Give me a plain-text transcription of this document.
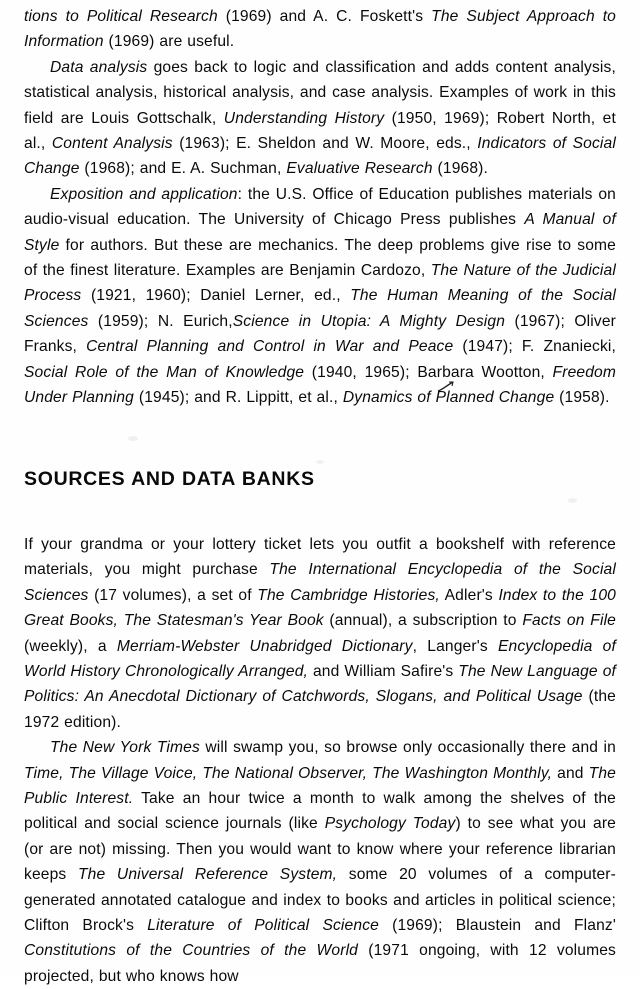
tions to Political Research (1969) and A. C. Foskett's The Subject Approach to Information (1969) are useful.

Data analysis goes back to logic and classification and adds content analysis, statistical analysis, historical analysis, and case analysis. Examples of work in this field are Louis Gottschalk, Understanding History (1950, 1969); Robert North, et al., Content Analysis (1963); E. Sheldon and W. Moore, eds., Indicators of Social Change (1968); and E. A. Suchman, Evaluative Research (1968).

Exposition and application: the U.S. Office of Education publishes materials on audio-visual education. The University of Chicago Press publishes A Manual of Style for authors. But these are mechanics. The deep problems give rise to some of the finest literature. Examples are Benjamin Cardozo, The Nature of the Judicial Process (1921, 1960); Daniel Lerner, ed., The Human Meaning of the Social Sciences (1959); N. Eurich,Science in Utopia: A Mighty Design (1967); Oliver Franks, Central Planning and Control in War and Peace (1947); F. Znaniecki, Social Role of the Man of Knowledge (1940, 1965); Barbara Wootton, Freedom Under Planning (1945); and R. Lippitt, et al., Dynamics of Planned Change (1958).

SOURCES AND DATA BANKS

If your grandma or your lottery ticket lets you outfit a bookshelf with reference materials, you might purchase The International Encyclopedia of the Social Sciences (17 volumes), a set of The Cambridge Histories, Adler's Index to the 100 Great Books, The Statesman's Year Book (annual), a subscription to Facts on File (weekly), a Merriam-Webster Unabridged Dictionary, Langer's Encyclopedia of World History Chronologically Arranged, and William Safire's The New Language of Politics: An Anecdotal Dictionary of Catchwords, Slogans, and Political Usage (the 1972 edition).

The New York Times will swamp you, so browse only occasionally there and in Time, The Village Voice, The National Observer, The Washington Monthly, and The Public Interest. Take an hour twice a month to walk among the shelves of the political and social science journals (like Psychology Today) to see what you are (or are not) missing. Then you would want to know where your reference librarian keeps The Universal Reference System, some 20 volumes of a computer-generated annotated catalogue and index to books and articles in political science; Clifton Brock's Literature of Political Science (1969); Blaustein and Flanz' Constitutions of the Countries of the World (1971 ongoing, with 12 volumes projected, but who knows how
